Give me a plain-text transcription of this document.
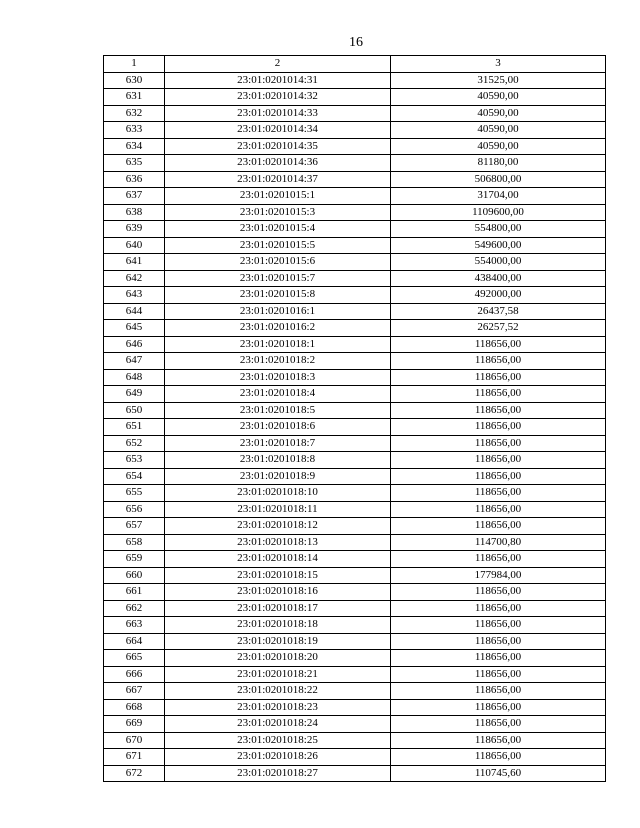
16
1	2	3
630	23:01:0201014:31	31525,00
631	23:01:0201014:32	40590,00
632	23:01:0201014:33	40590,00
633	23:01:0201014:34	40590,00
634	23:01:0201014:35	40590,00
635	23:01:0201014:36	81180,00
636	23:01:0201014:37	506800,00
637	23:01:0201015:1	31704,00
638	23:01:0201015:3	1109600,00
639	23:01:0201015:4	554800,00
640	23:01:0201015:5	549600,00
641	23:01:0201015:6	554000,00
642	23:01:0201015:7	438400,00
643	23:01:0201015:8	492000,00
644	23:01:0201016:1	26437,58
645	23:01:0201016:2	26257,52
646	23:01:0201018:1	118656,00
647	23:01:0201018:2	118656,00
648	23:01:0201018:3	118656,00
649	23:01:0201018:4	118656,00
650	23:01:0201018:5	118656,00
651	23:01:0201018:6	118656,00
652	23:01:0201018:7	118656,00
653	23:01:0201018:8	118656,00
654	23:01:0201018:9	118656,00
655	23:01:0201018:10	118656,00
656	23:01:0201018:11	118656,00
657	23:01:0201018:12	118656,00
658	23:01:0201018:13	114700,80
659	23:01:0201018:14	118656,00
660	23:01:0201018:15	177984,00
661	23:01:0201018:16	118656,00
662	23:01:0201018:17	118656,00
663	23:01:0201018:18	118656,00
664	23:01:0201018:19	118656,00
665	23:01:0201018:20	118656,00
666	23:01:0201018:21	118656,00
667	23:01:0201018:22	118656,00
668	23:01:0201018:23	118656,00
669	23:01:0201018:24	118656,00
670	23:01:0201018:25	118656,00
671	23:01:0201018:26	118656,00
672	23:01:0201018:27	110745,60
